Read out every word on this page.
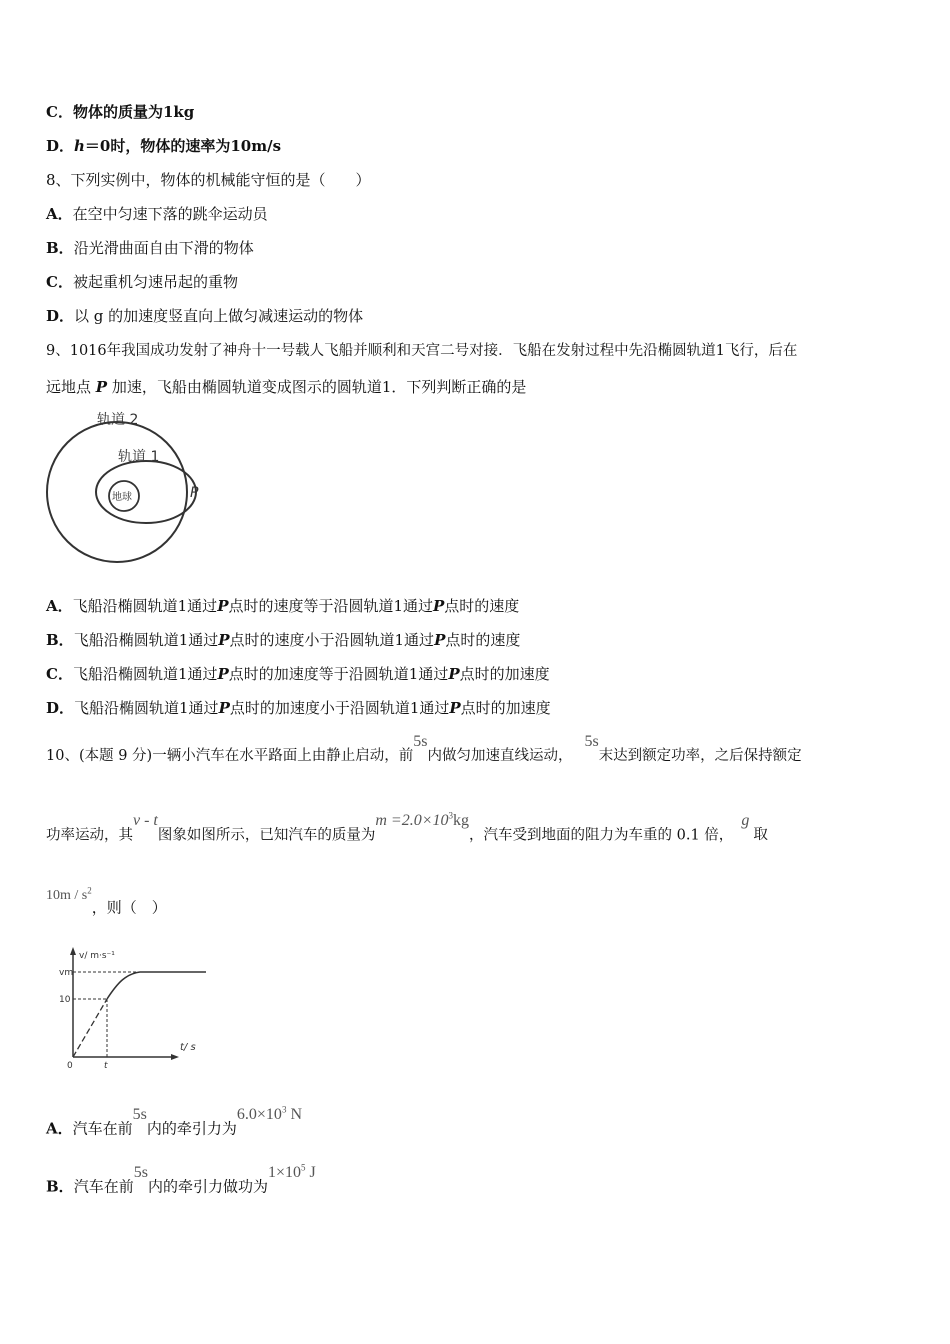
C．物体的质量为1kg
D．h＝0时，物体的速率为10m/s
8、下列实例中，物体的机械能守恒的是（　　）
A．在空中匀速下落的跳伞运动员
B．沿光滑曲面自由下滑的物体
C．被起重机匀速吊起的重物
D．以 g 的加速度竖直向上做匀减速运动的物体
9、1016年我国成功发射了神舟十一号载人飞船并顺利和天宫二号对接．飞船在发射过程中先沿椭圆轨道1飞行，后在
远地点 P 加速，飞船由椭圆轨道变成图示的圆轨道1．下列判断正确的是
轨道 2
轨道 1
地球	P
A．飞船沿椭圆轨道1通过P点时的速度等于沿圆轨道1通过P点时的速度
B．飞船沿椭圆轨道1通过P点时的速度小于沿圆轨道1通过P点时的速度
C．飞船沿椭圆轨道1通过P点时的加速度等于沿圆轨道1通过P点时的加速度
D．飞船沿椭圆轨道1通过P点时的加速度小于沿圆轨道1通过P点时的加速度
10、(本题 9 分)一辆小汽车在水平路面上由静止启动，前5s内做匀加速直线运动，5s末达到额定功率，之后保持额定
功率运动，其v - t图象如图所示，已知汽车的质量为$m =2.0\times 10^3kg$，汽车受到地面的阻力为车重的 0.1 倍，g取
$10m / s^2$，则（　）
v/ m·s⁻¹
vm
10
0	t
t/ s
A．汽车在前5s内的牵引力为$6.0\times 10^3$ N
B．汽车在前5s内的牵引力做功为$1\times 10^5$ J
